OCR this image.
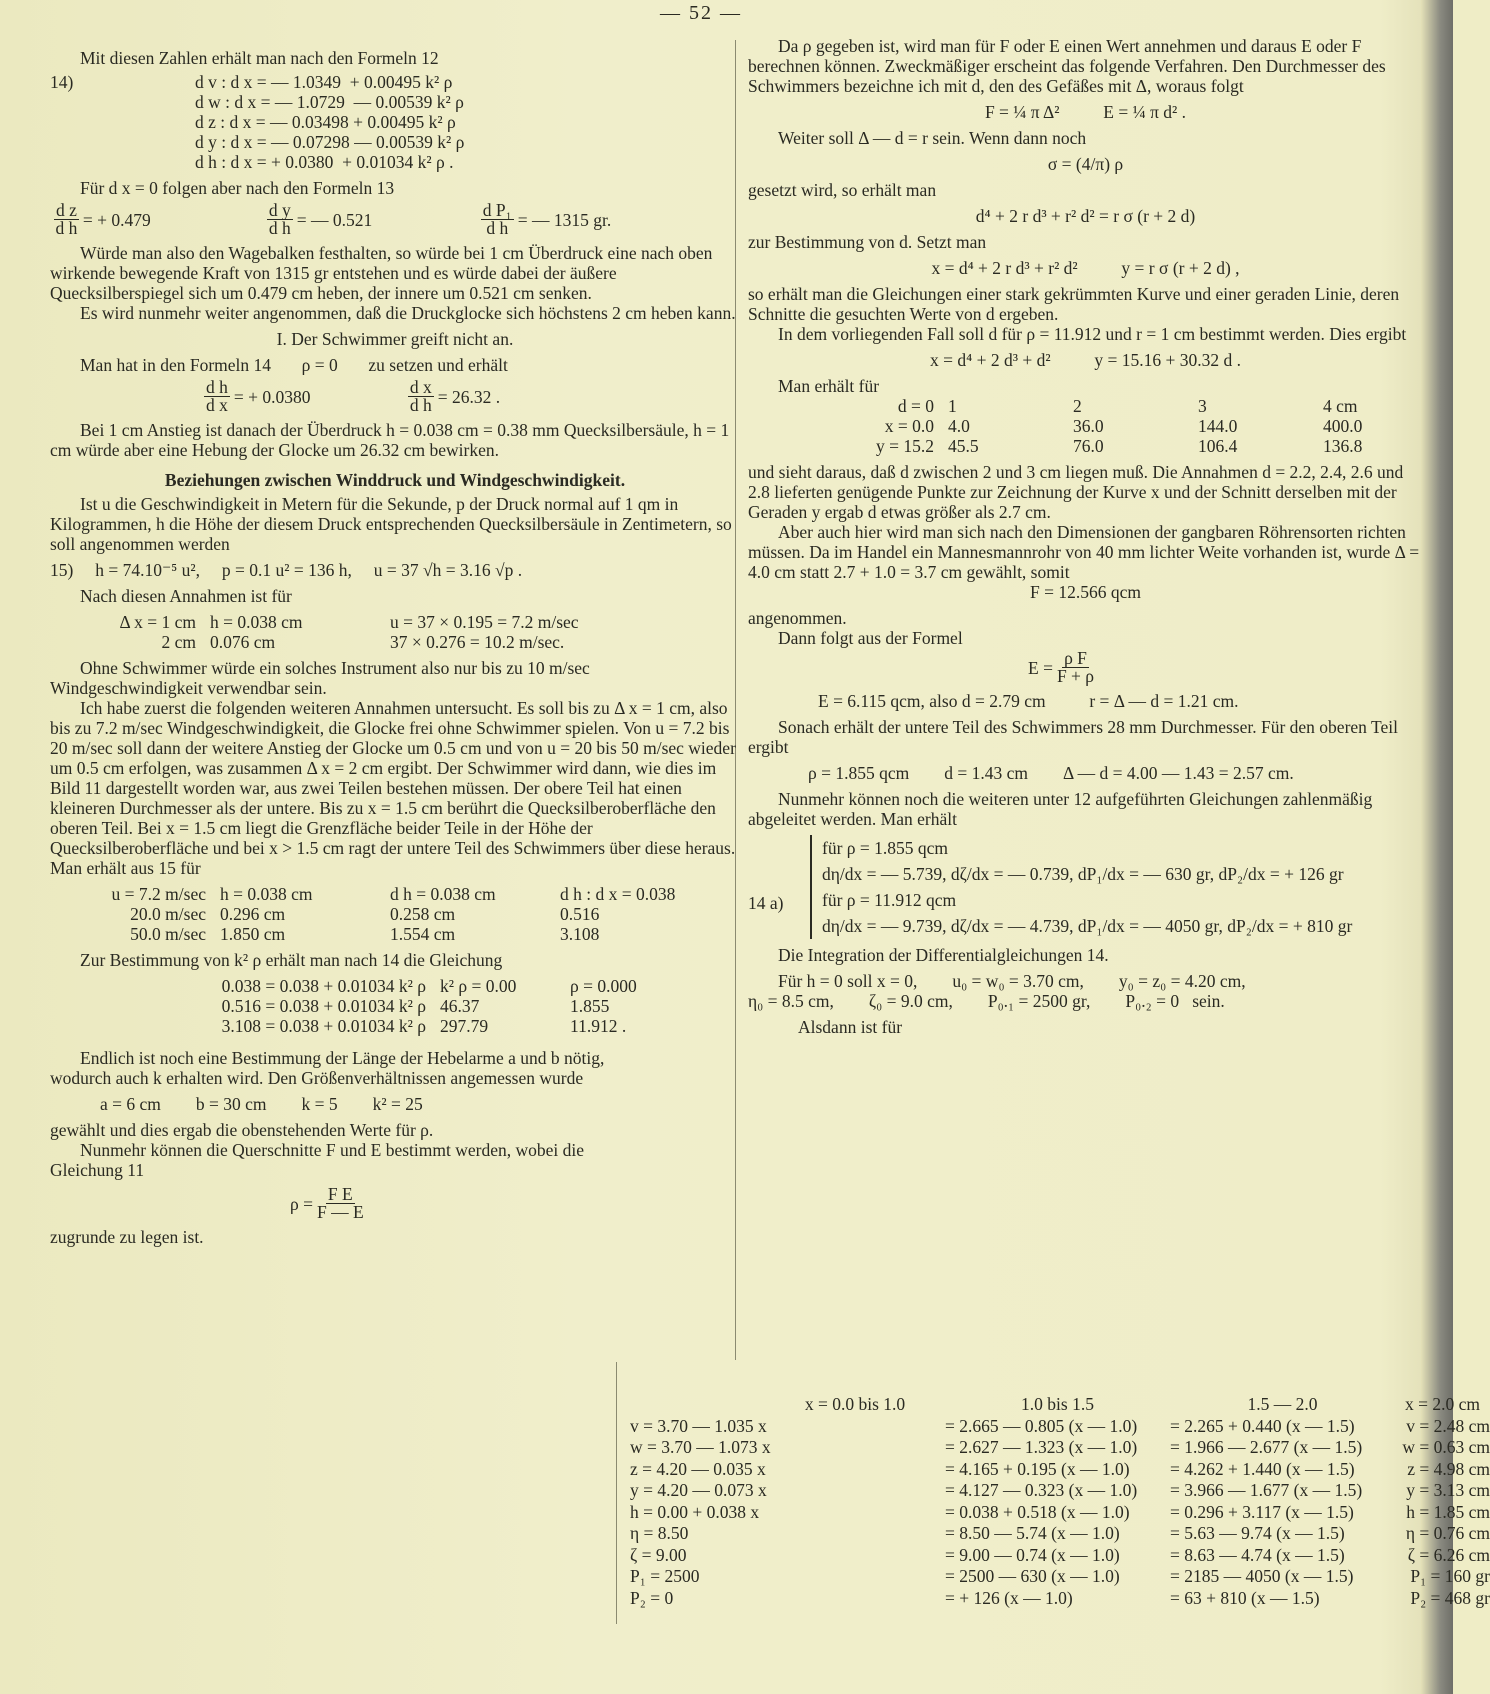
— 52 —

Mit diesen Zahlen erhält man nach den Formeln 12

14)	d v : d x = — 1.0349  + 0.00495 k² ρ
d w : d x = — 1.0729  — 0.00539 k² ρ
d z : d x = — 0.03498 + 0.00495 k² ρ
d y : d x = — 0.07298 — 0.00539 k² ρ
d h : d x = + 0.0380  + 0.01034 k² ρ .

Für d x = 0 folgen aber nach den Formeln 13

$\frac{\text{d z}}{\text{d h}}$ = + 0.479	$\frac{\text{d y}}{\text{d h}}$ = — 0.521	$\frac{\text{d P₁}}{\text{d h}}$ = — 1315 gr.

Würde man also den Wagebalken festhalten, so würde bei 1 cm Überdruck eine nach oben wirkende bewegende Kraft von 1315 gr entstehen und es würde dabei der äußere Quecksilberspiegel sich um 0.479 cm heben, der innere um 0.521 cm senken.

Es wird nunmehr weiter angenommen, daß die Druckglocke sich höchstens 2 cm heben kann.

I. Der Schwimmer greift nicht an.

Man hat in den Formeln 14       ρ = 0       zu setzen und erhält

$\frac{\text{d h}}{\text{d x}}$ = + 0.0380	$\frac{\text{d x}}{\text{d h}} = 26.32$ .

Bei 1 cm Anstieg ist danach der Überdruck h = 0.038 cm = 0.38 mm Quecksilbersäule, h = 1 cm würde aber eine Hebung der Glocke um 26.32 cm bewirken.

Beziehungen zwischen Winddruck und Windgeschwindigkeit.

Ist u die Geschwindigkeit in Metern für die Sekunde, p der Druck normal auf 1 qm in Kilogrammen, h die Höhe der diesem Druck entsprechenden Quecksilbersäule in Zentimetern, so soll angenommen werden

15)     h = 74.10⁻⁵ u²,     p = 0.1 u² = 136 h,     u = 37 √h = 3.16 √p .

Nach diesen Annahmen ist für

Δ x = 1 cm h = 0.038 cm	u = 37 × 0.195 = 7.2 m/sec
2 cm 0.076 cm	37 × 0.276 = 10.2 m/sec.

Ohne Schwimmer würde ein solches Instrument also nur bis zu 10 m/sec Windgeschwindigkeit verwendbar sein.

Ich habe zuerst die folgenden weiteren Annahmen untersucht. Es soll bis zu Δ x = 1 cm, also bis zu 7.2 m/sec Windgeschwindigkeit, die Glocke frei ohne Schwimmer spielen. Von u = 7.2 bis 20 m/sec soll dann der weitere Anstieg der Glocke um 0.5 cm und von u = 20 bis 50 m/sec wieder um 0.5 cm erfolgen, was zusammen Δ x = 2 cm ergibt. Der Schwimmer wird dann, wie dies im Bild 11 dargestellt worden war, aus zwei Teilen bestehen müssen. Der obere Teil hat einen kleineren Durchmesser als der untere. Bis zu x = 1.5 cm berührt die Quecksilberoberfläche den oberen Teil. Bei x = 1.5 cm liegt die Grenzfläche beider Teile in der Höhe der Quecksilberoberfläche und bei x > 1.5 cm ragt der untere Teil des Schwimmers über diese heraus. Man erhält aus 15 für

u = 7.2 m/sec h = 0.038 cm	d h = 0.038 cm	d h : d x = 0.038
20.0 m/sec 0.296 cm	0.258 cm	0.516
50.0 m/sec 1.850 cm	1.554 cm	3.108

Zur Bestimmung von k² ρ erhält man nach 14 die Gleichung

0.038 = 0.038 + 0.01034 k² ρ k² ρ = 0.00	ρ = 0.000
0.516 = 0.038 + 0.01034 k² ρ 46.37	1.855
3.108 = 0.038 + 0.01034 k² ρ 297.79	11.912 .

Endlich ist noch eine Bestimmung der Länge der Hebelarme a und b nötig, wodurch auch k erhalten wird. Den Größenverhältnissen angemessen wurde

a = 6 cm        b = 30 cm        k = 5        k² = 25

gewählt und dies ergab die obenstehenden Werte für ρ.

Nunmehr können die Querschnitte F und E bestimmt werden, wobei die Gleichung 11

$\rho = \frac{\text{F E}}{F — E}$

zugrunde zu legen ist.

Da ρ gegeben ist, wird man für F oder E einen Wert annehmen und daraus E oder F berechnen können. Zweckmäßiger erscheint das folgende Verfahren. Den Durchmesser des Schwimmers bezeichne ich mit d, den des Gefäßes mit Δ, woraus folgt

F = ¼ π Δ²          E = ¼ π d² .

Weiter soll Δ — d = r sein. Wenn dann noch

σ = (4/π) ρ

gesetzt wird, so erhält man

d⁴ + 2 r d³ + r² d² = r σ (r + 2 d)

zur Bestimmung von d. Setzt man

x = d⁴ + 2 r d³ + r² d²          y = r σ (r + 2 d) ,

so erhält man die Gleichungen einer stark gekrümmten Kurve und einer geraden Linie, deren Schnitte die gesuchten Werte von d ergeben.

In dem vorliegenden Fall soll d für ρ = 11.912 und r = 1 cm bestimmt werden. Dies ergibt

x = d⁴ + 2 d³ + d²          y = 15.16 + 30.32 d .

Man erhält für

d = 0 1	2	3	4 cm
x = 0.0 4.0	36.0	144.0	400.0
y = 15.2 45.5	76.0	106.4	136.8

und sieht daraus, daß d zwischen 2 und 3 cm liegen muß. Die Annahmen d = 2.2, 2.4, 2.6 und 2.8 lieferten genügende Punkte zur Zeichnung der Kurve x und der Schnitt derselben mit der Geraden y ergab d etwas größer als 2.7 cm.

Aber auch hier wird man sich nach den Dimensionen der gangbaren Röhrensorten richten müssen. Da im Handel ein Mannesmannrohr von 40 mm lichter Weite vorhanden ist, wurde Δ = 4.0 cm statt 2.7 + 1.0 = 3.7 cm gewählt, somit

F = 12.566 qcm

angenommen.

Dann folgt aus der Formel

$E = \frac{\text{ρ F}}{F + \rho}$

E = 6.115 qcm, also d = 2.79 cm          r = Δ — d = 1.21 cm.

Sonach erhält der untere Teil des Schwimmers 28 mm Durchmesser. Für den oberen Teil ergibt

ρ = 1.855 qcm        d = 1.43 cm        Δ — d = 4.00 — 1.43 = 2.57 cm.

Nunmehr können noch die weiteren unter 12 aufgeführten Gleichungen zahlenmäßig abgeleitet werden. Man erhält

14 a)
für ρ = 1.855 qcm
dη/dx = — 5.739, dζ/dx = — 0.739, dP₁/dx = — 630 gr, dP₂/dx = + 126 gr
für ρ = 11.912 qcm
dη/dx = — 9.739, dζ/dx = — 4.739, dP₁/dx = — 4050 gr, dP₂/dx = + 810 gr

Die Integration der Differentialgleichungen 14.

Für h = 0 soll x = 0,        u₀ = w₀ = 3.70 cm,        y₀ = z₀ = 4.20 cm,

η₀ = 8.5 cm,        ζ₀ = 9.0 cm,        P₀.₁ = 2500 gr,        P₀.₂ = 0   sein.

Alsdann ist für

x = 0.0 bis 1.0	1.0 bis 1.5	1.5 — 2.0	x = 2.0 cm
v = 3.70 — 1.035 x	= 2.665 — 0.805 (x — 1.0)	= 2.265 + 0.440 (x — 1.5)	v = 2.48 cm
w = 3.70 — 1.073 x	= 2.627 — 1.323 (x — 1.0)	= 1.966 — 2.677 (x — 1.5)	w = 0.63 cm
z = 4.20 — 0.035 x	= 4.165 + 0.195 (x — 1.0)	= 4.262 + 1.440 (x — 1.5)	z = 4.98 cm
y = 4.20 — 0.073 x	= 4.127 — 0.323 (x — 1.0)	= 3.966 — 1.677 (x — 1.5)	y = 3.13 cm
h = 0.00 + 0.038 x	= 0.038 + 0.518 (x — 1.0)	= 0.296 + 3.117 (x — 1.5)	h = 1.85 cm
η = 8.50	= 8.50 — 5.74 (x — 1.0)	= 5.63 — 9.74 (x — 1.5)	η = 0.76 cm
ζ = 9.00	= 9.00 — 0.74 (x — 1.0)	= 8.63 — 4.74 (x — 1.5)	ζ = 6.26 cm
P₁ = 2500	= 2500 — 630 (x — 1.0)	= 2185 — 4050 (x — 1.5)	P₁ = 160 gr
P₂ = 0	= + 126 (x — 1.0)	= 63 + 810 (x — 1.5)	P₂ = 468 gr
